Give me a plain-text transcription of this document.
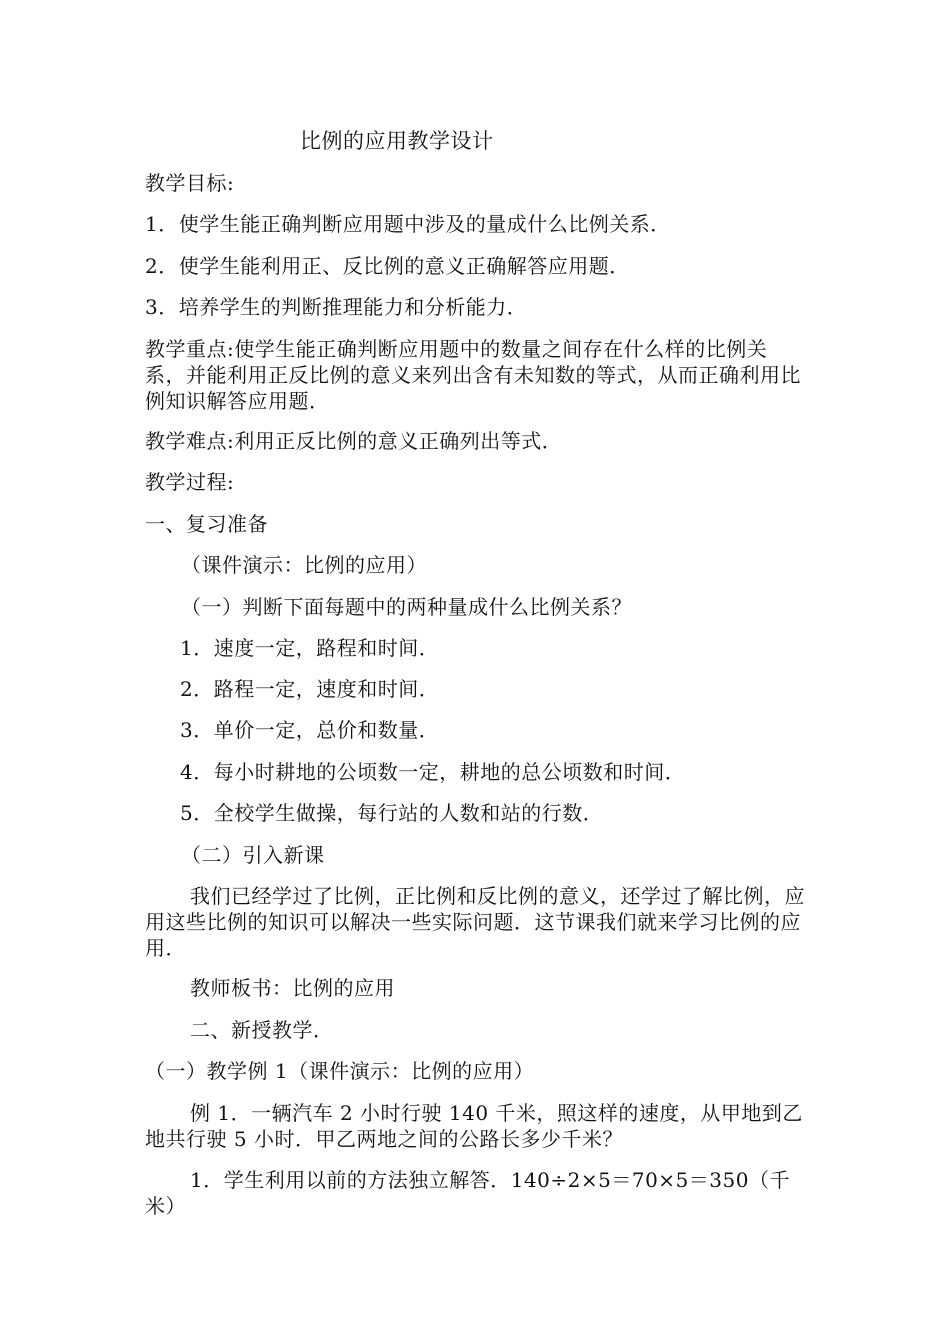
比例的应用教学设计
教学目标:
1．使学生能正确判断应用题中涉及的量成什么比例关系．
2．使学生能利用正、反比例的意义正确解答应用题．
3．培养学生的判断推理能力和分析能力．
教学重点:使学生能正确判断应用题中的数量之间存在什么样的比例关系，并能利用正反比例的意义来列出含有未知数的等式，从而正确利用比例知识解答应用题．
教学难点:利用正反比例的意义正确列出等式．
教学过程:
一、复习准备
（课件演示：比例的应用）
（一）判断下面每题中的两种量成什么比例关系？
1．速度一定，路程和时间．
2．路程一定，速度和时间．
3．单价一定，总价和数量．
4．每小时耕地的公顷数一定，耕地的总公顷数和时间．
5．全校学生做操，每行站的人数和站的行数．
（二）引入新课
我们已经学过了比例，正比例和反比例的意义，还学过了解比例，应用这些比例的知识可以解决一些实际问题．这节课我们就来学习比例的应用．
教师板书：比例的应用
二、新授教学．
（一）教学例 1（课件演示：比例的应用）
例 1．一辆汽车 2 小时行驶 140 千米，照这样的速度，从甲地到乙地共行驶 5 小时．甲乙两地之间的公路长多少千米？
1．学生利用以前的方法独立解答．140÷2×5＝70×5＝350（千米）
